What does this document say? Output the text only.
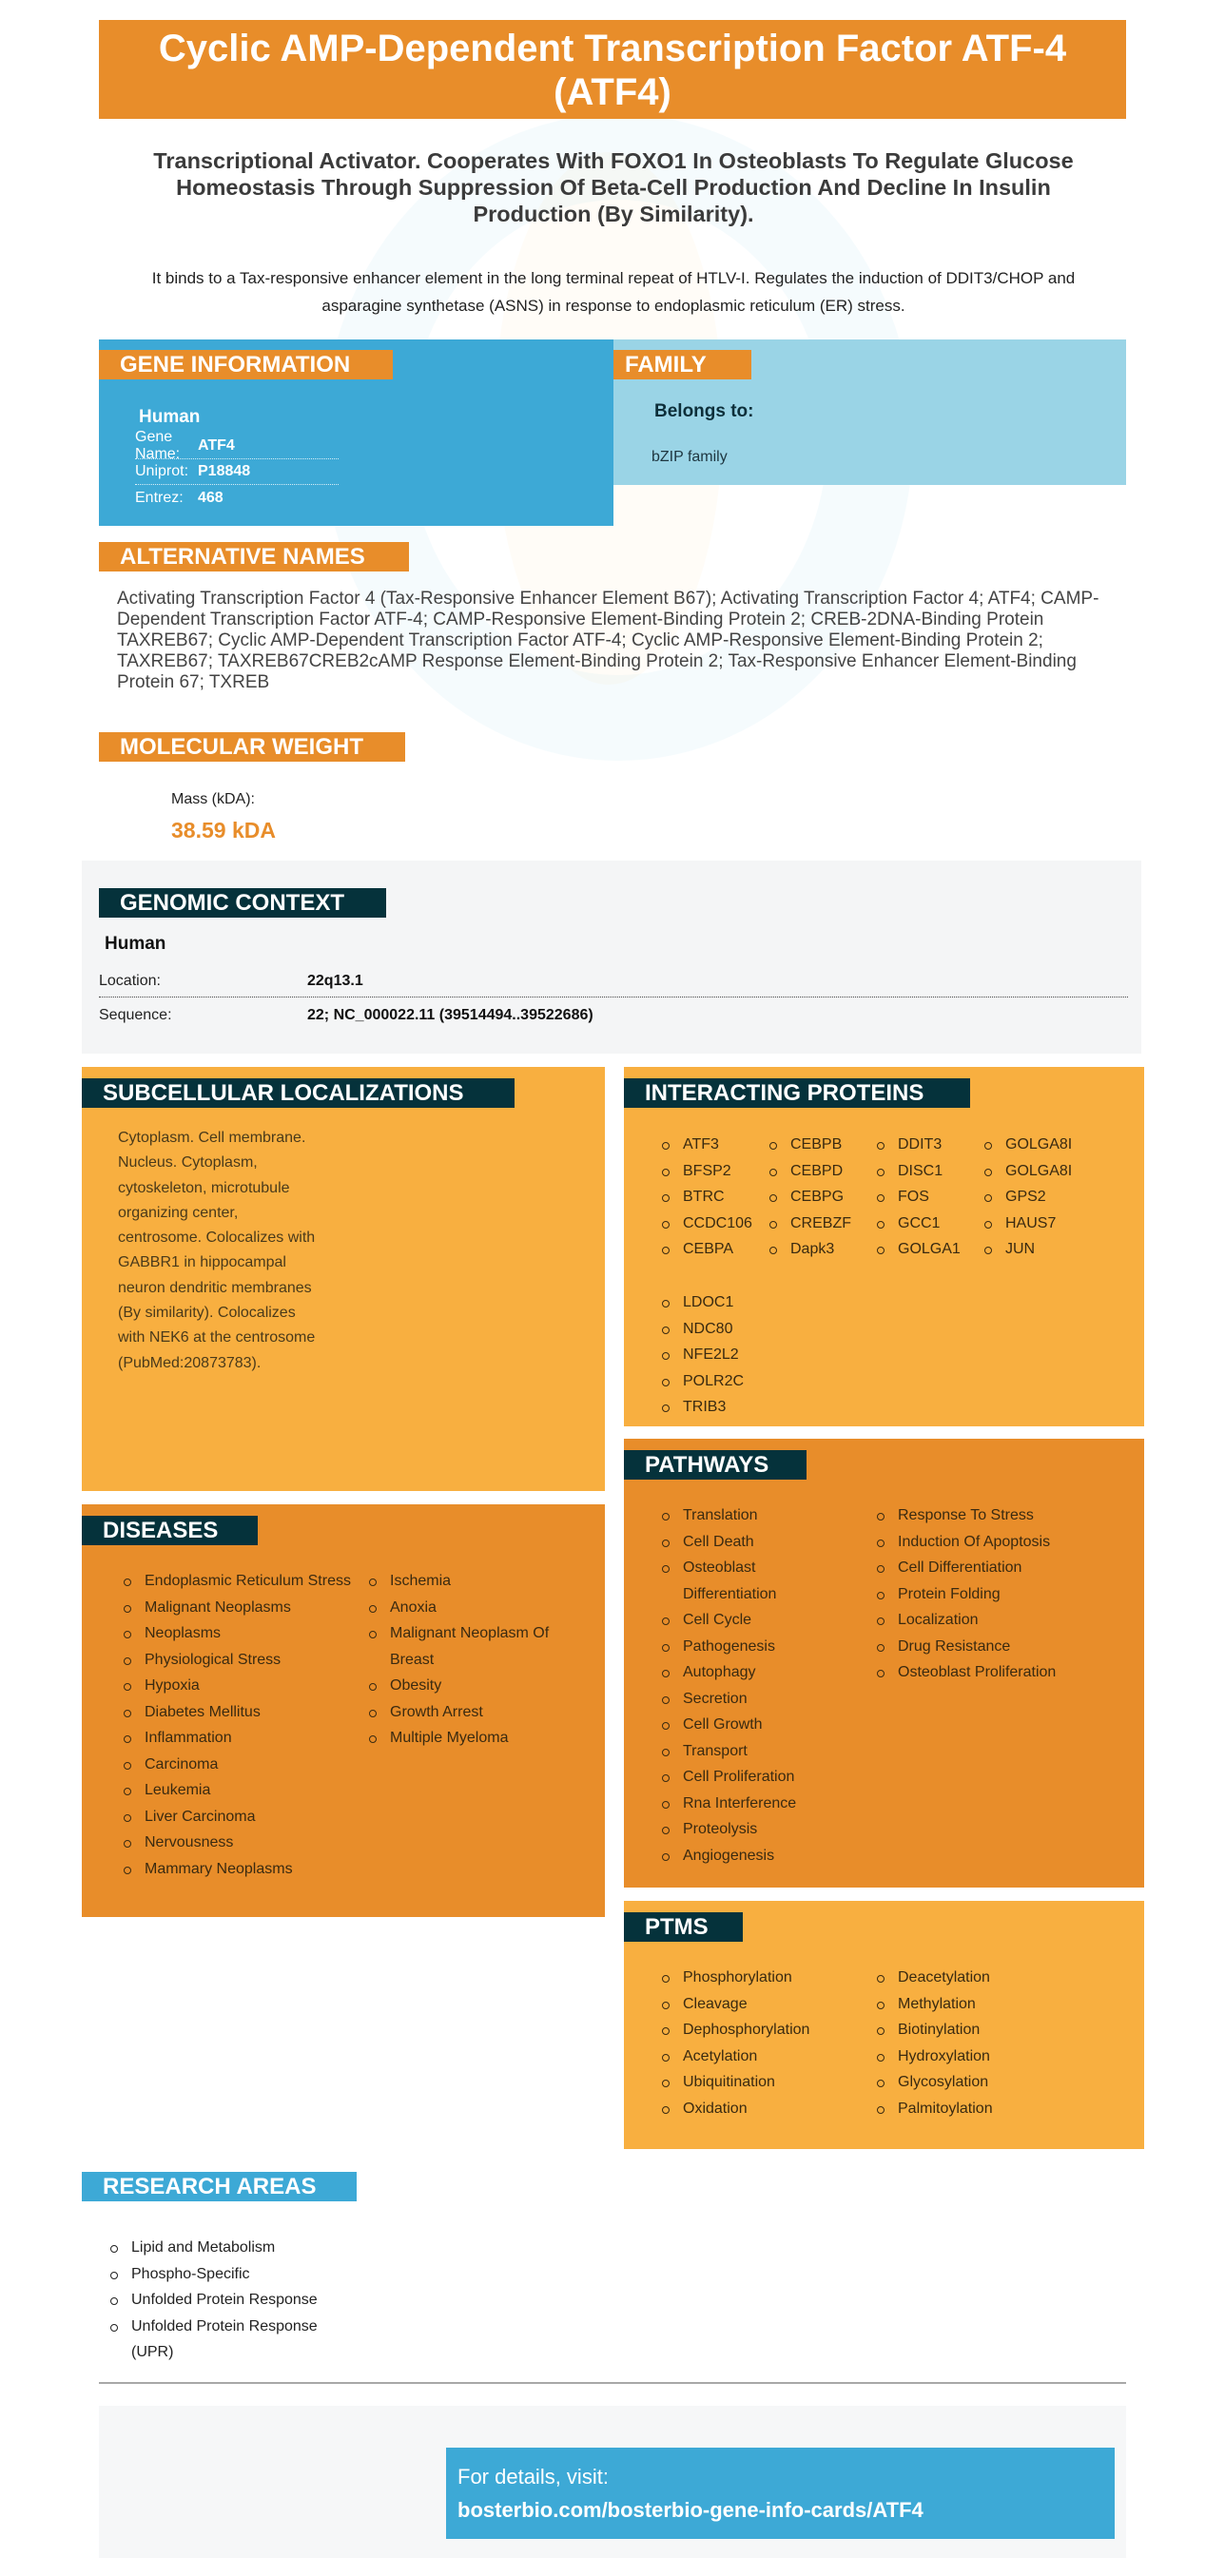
Cyclic AMP-Dependent Transcription Factor ATF-4 (ATF4)
Transcriptional Activator. Cooperates With FOXO1 In Osteoblasts To Regulate Glucose Homeostasis Through Suppression Of Beta-Cell Production And Decline In Insulin Production (By Similarity).
It binds to a Tax-responsive enhancer element in the long terminal repeat of HTLV-I. Regulates the induction of DDIT3/CHOP and asparagine synthetase (ASNS) in response to endoplasmic reticulum (ER) stress.
GENE INFORMATION
Human
Gene Name:
ATF4
Uniprot: P18848
Entrez: 468
FAMILY
Belongs to:
bZIP family
ALTERNATIVE NAMES
Activating Transcription Factor 4 (Tax-Responsive Enhancer Element B67); Activating Transcription Factor 4; ATF4; CAMP-Dependent Transcription Factor ATF-4; CAMP-Responsive Element-Binding Protein 2; CREB-2DNA-Binding Protein TAXREB67; Cyclic AMP-Dependent Transcription Factor ATF-4; Cyclic AMP-Responsive Element-Binding Protein 2; TAXREB67; TAXREB67CREB2cAMP Response Element-Binding Protein 2; Tax-Responsive Enhancer Element-Binding Protein 67; TXREB
MOLECULAR WEIGHT
Mass (kDA):
38.59 kDA
GENOMIC CONTEXT
Human
Location:	22q13.1
Sequence:	22; NC_000022.11 (39514494..39522686)
SUBCELLULAR LOCALIZATIONS
Cytoplasm. Cell membrane. Nucleus. Cytoplasm, cytoskeleton, microtubule organizing center, centrosome. Colocalizes with GABBR1 in hippocampal neuron dendritic membranes (By similarity). Colocalizes with NEK6 at the centrosome (PubMed:20873783).
INTERACTING PROTEINS
ATF3	CEBPB	DDIT3	GOLGA8I
BFSP2	CEBPD	DISC1	GOLGA8I
BTRC	CEBPG	FOS	GPS2
CCDC106	CREBZF	GCC1	HAUS7
CEBPA	Dapk3	GOLGA1	JUN
LDOC1
NDC80
NFE2L2
POLR2C
TRIB3
DISEASES
Endoplasmic Reticulum Stress
Malignant Neoplasms
Neoplasms
Physiological Stress
Hypoxia
Diabetes Mellitus
Inflammation
Carcinoma
Leukemia
Liver Carcinoma
Nervousness
Mammary Neoplasms
Ischemia
Anoxia
Malignant Neoplasm Of Breast
Obesity
Growth Arrest
Multiple Myeloma
PATHWAYS
Translation
Cell Death
Osteoblast Differentiation
Cell Cycle
Pathogenesis
Autophagy
Secretion
Cell Growth
Transport
Cell Proliferation
Rna Interference
Proteolysis
Angiogenesis
Response To Stress
Induction Of Apoptosis
Cell Differentiation
Protein Folding
Localization
Drug Resistance
Osteoblast Proliferation
PTMS
Phosphorylation
Cleavage
Dephosphorylation
Acetylation
Ubiquitination
Oxidation
Deacetylation
Methylation
Biotinylation
Hydroxylation
Glycosylation
Palmitoylation
RESEARCH AREAS
Lipid and Metabolism
Phospho-Specific
Unfolded Protein Response
Unfolded Protein Response (UPR)
For details, visit:
bosterbio.com/bosterbio-gene-info-cards/ATF4
